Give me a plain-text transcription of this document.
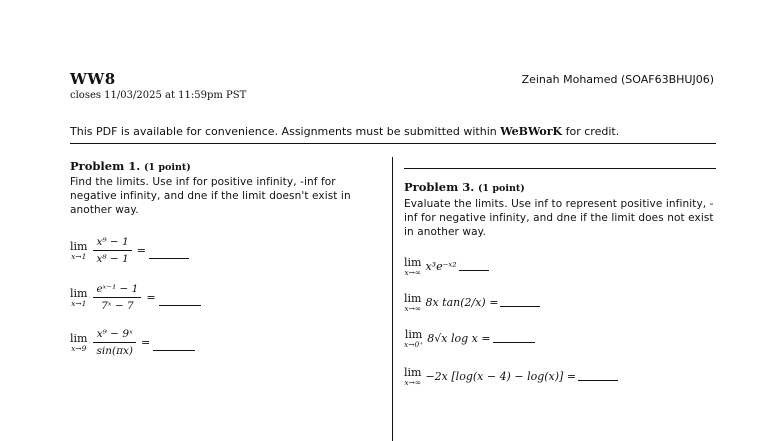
WW8
closes 11/03/2025 at 11:59pm PST
Zeinah Mohamed (SOAF63BHUJ06)
This PDF is available for convenience. Assignments must be submitted within WeBWorK for credit.
Problem 1. (1 point)
Find the limits. Use inf for positive infinity, -inf for negative infinity, and dne if the limit doesn't exist in another way.
lim
$x\to 1 \frac{\text{x⁹ − 1}}{\text{x⁸ − 1}}$ =
lim
$x\to 1 \frac{\text{eˣ⁻¹ − 1}}{\text{7ˣ − 7}}$ =
lim
$x\to 9 \frac{\text{x⁹ − 9ˣ}}{\sin(\pi x)}$ =
Problem 3. (1 point)
Evaluate the limits. Use inf to represent positive infinity, -inf for negative infinity, and dne if the limit does not exist in another way.
lim
x→∞ x³e⁻ˣ²
lim
x→∞ 8x tan(2/x) =
lim
x→0⁺ 8√x log x =
lim
x→∞ −2x [log(x − 4) − log(x)] =
